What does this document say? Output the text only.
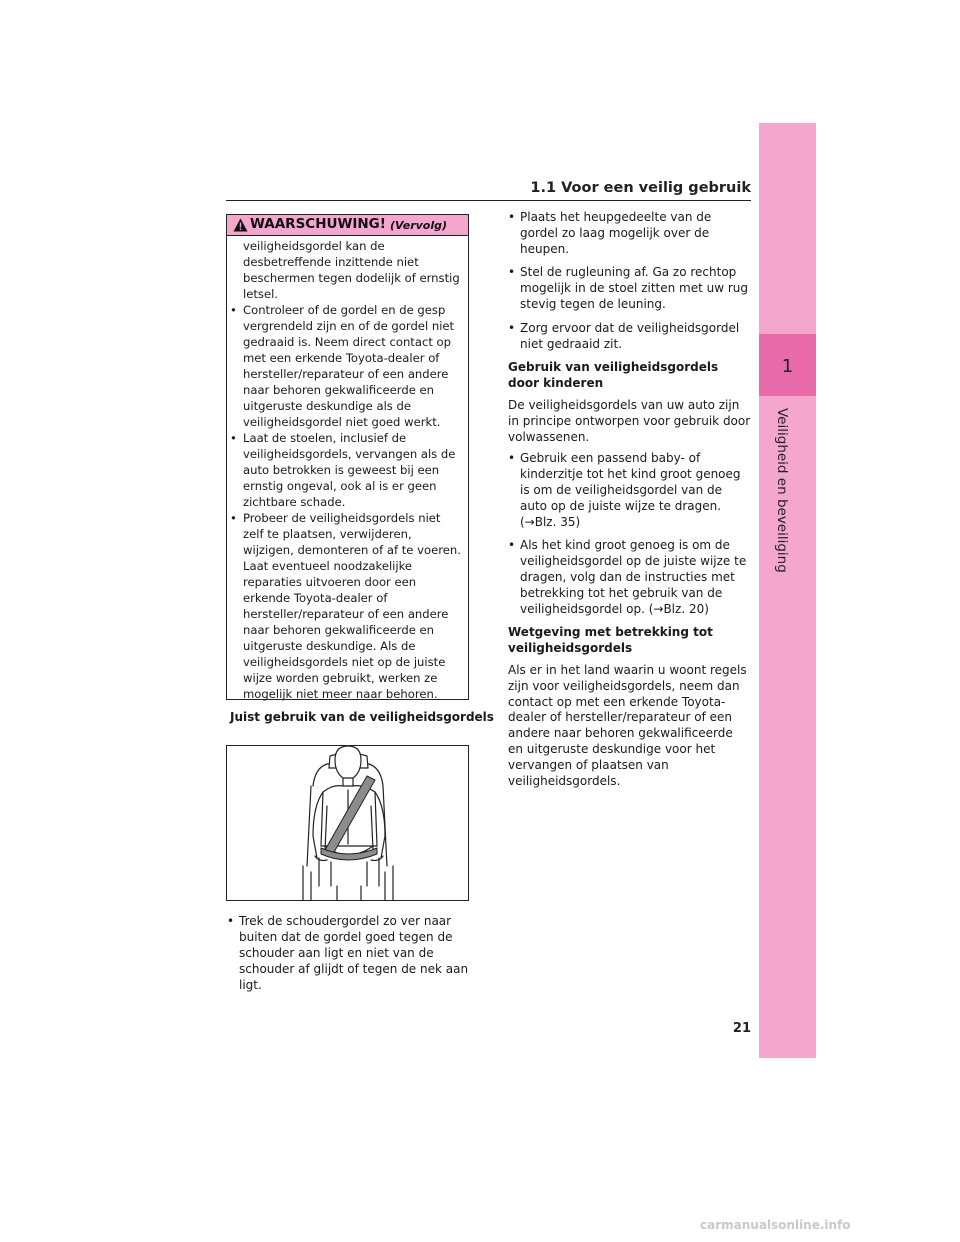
1
Veiligheid en beveiliging
1.1 Voor een veilig gebruik
WAARSCHUWING! (Vervolg)

veiligheidsgordel kan de desbetreffende inzittende niet beschermen tegen dodelijk of ernstig letsel.

• Controleer of de gordel en de gesp vergrendeld zijn en of de gordel niet gedraaid is. Neem direct contact op met een erkende Toyota-dealer of hersteller/reparateur of een andere naar behoren gekwalificeerde en uitgeruste deskundige als de veiligheidsgordel niet goed werkt.
• Laat de stoelen, inclusief de veiligheidsgordels, vervangen als de auto betrokken is geweest bij een ernstig ongeval, ook al is er geen zichtbare schade.
• Probeer de veiligheidsgordels niet zelf te plaatsen, verwijderen, wijzigen, demonteren of af te voeren. Laat eventueel noodzakelijke reparaties uitvoeren door een erkende Toyota-dealer of hersteller/reparateur of een andere naar behoren gekwalificeerde en uitgeruste deskundige. Als de veiligheidsgordels niet op de juiste wijze worden gebruikt, werken ze mogelijk niet meer naar behoren.
Juist gebruik van de veiligheidsgordels
• Trek de schoudergordel zo ver naar buiten dat de gordel goed tegen de schouder aan ligt en niet van de schouder af glijdt of tegen de nek aan ligt.
• Plaats het heupgedeelte van de gordel zo laag mogelijk over de heupen.
• Stel de rugleuning af. Ga zo rechtop mogelijk in de stoel zitten met uw rug stevig tegen de leuning.
• Zorg ervoor dat de veiligheidsgordel niet gedraaid zit.
Gebruik van veiligheidsgordels door kinderen

De veiligheidsgordels van uw auto zijn in principe ontworpen voor gebruik door volwassenen.

• Gebruik een passend baby- of kinderzitje tot het kind groot genoeg is om de veiligheidsgordel van de auto op de juiste wijze te dragen. (→Blz. 35)
• Als het kind groot genoeg is om de veiligheidsgordel op de juiste wijze te dragen, volg dan de instructies met betrekking tot het gebruik van de veiligheidsgordel op. (→Blz. 20)
Wetgeving met betrekking tot veiligheidsgordels

Als er in het land waarin u woont regels zijn voor veiligheidsgordels, neem dan contact op met een erkende Toyota-dealer of hersteller/reparateur of een andere naar behoren gekwalificeerde en uitgeruste deskundige voor het vervangen of plaatsen van veiligheidsgordels.

21
carmanualsonline.info
